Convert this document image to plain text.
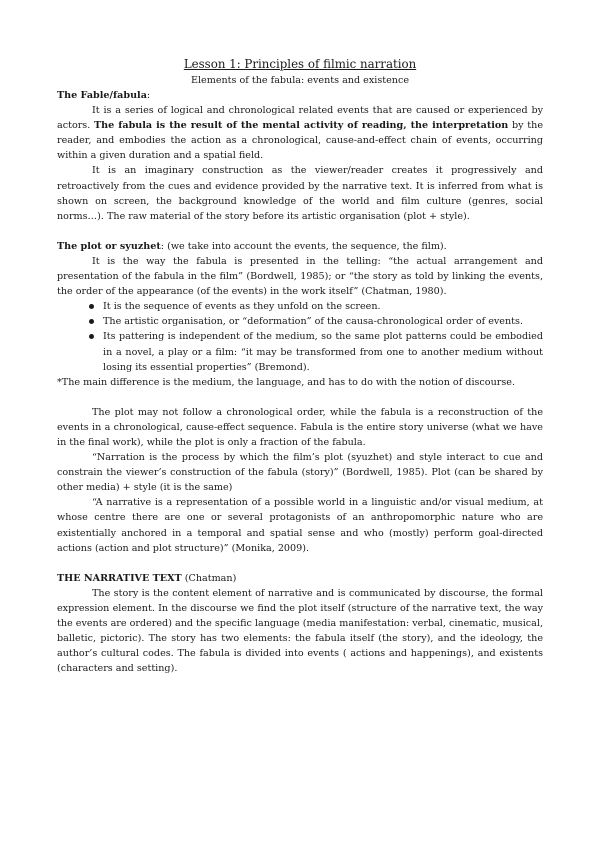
Lesson 1: Principles of filmic narration

Elements of the fabula: events and existence

The Fable/fabula:

It is a series of logical and chronological related events that are caused or experienced by actors. The fabula is the result of the mental activity of reading, the interpretation by the reader, and embodies the action as a chronological, cause-and-effect chain of events, occurring within a given duration and a spatial field.

It is an imaginary construction as the viewer/reader creates it progressively and retroactively from the cues and evidence provided by the narrative text. It is inferred from what is shown on screen, the background knowledge of the world and film culture (genres, social norms…). The raw material of the story before its artistic organisation (plot + style).

The plot or syuzhet: (we take into account the events, the sequence, the film).

It is the way the fabula is presented in the telling: “the actual arrangement and presentation of the fabula in the film” (Bordwell, 1985); or “the story as told by linking the events, the order of the appearance (of the events) in the work itself” (Chatman, 1980).

It is the sequence of events as they unfold on the screen.
The artistic organisation, or “deformation” of the causa-chronological order of events.
Its pattering is independent of the medium, so the same plot patterns could be embodied in a novel, a play or a film: “it may be transformed from one to another medium without losing its essential properties” (Bremond).

*The main difference is the medium, the language, and has to do with the notion of discourse.

The plot may not follow a chronological order, while the fabula is a reconstruction of the events in a chronological, cause-effect sequence. Fabula is the entire story universe (what we have in the final work), while the plot is only a fraction of the fabula.

“Narration is the process by which the film’s plot (syuzhet) and style interact to cue and constrain the viewer’s construction of the fabula (story)” (Bordwell, 1985). Plot (can be shared by other media) + style (it is the same)

“A narrative is a representation of a possible world in a linguistic and/or visual medium, at whose centre there are one or several protagonists of an anthropomorphic nature who are existentially anchored in a temporal and spatial sense and who (mostly) perform goal-directed actions (action and plot structure)” (Monika, 2009).

THE NARRATIVE TEXT (Chatman)

The story is the content element of narrative and is communicated by discourse, the formal expression element. In the discourse we find the plot itself (structure of the narrative text, the way the events are ordered) and the specific language (media manifestation: verbal, cinematic, musical, balletic, pictoric). The story has two elements: the fabula itself (the story), and the ideology, the author’s cultural codes. The fabula is divided into events ( actions and happenings), and existents (characters and setting).
